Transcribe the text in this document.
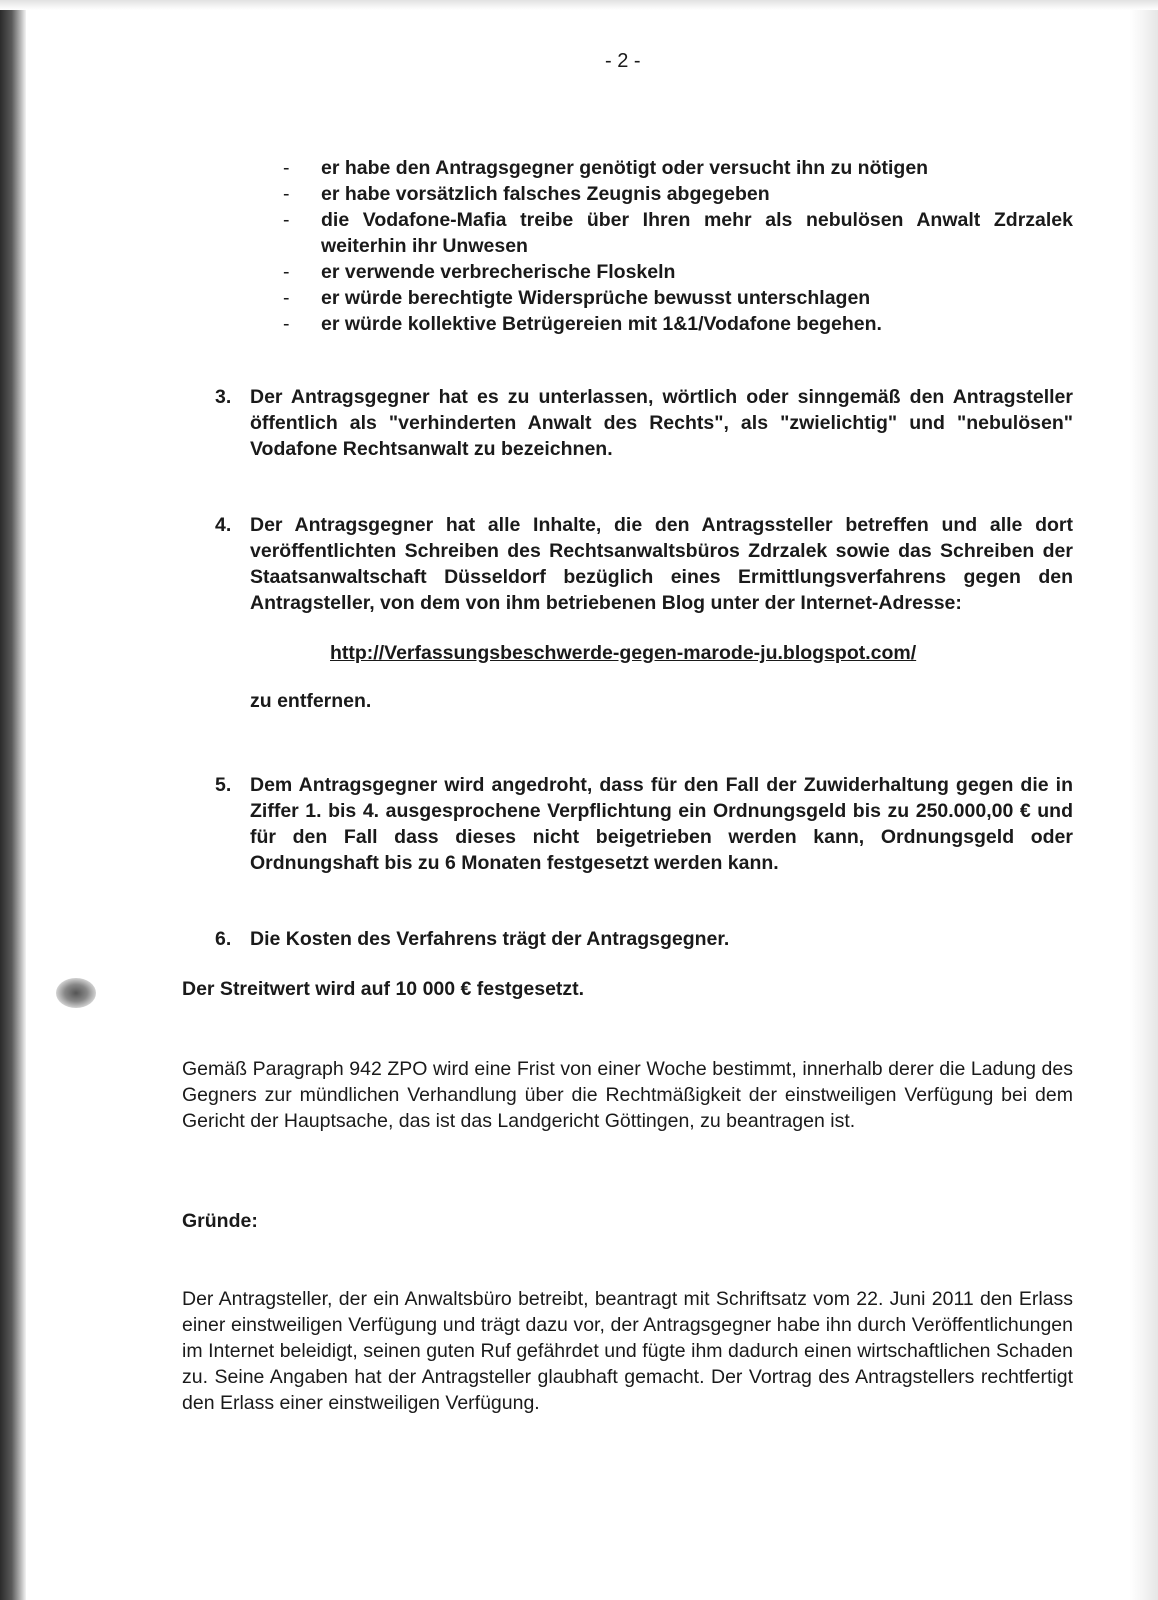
- 2 -
- er habe den Antragsgegner genötigt oder versucht ihn zu nötigen
- er habe vorsätzlich falsches Zeugnis abgegeben
- die Vodafone-Mafia treibe über Ihren mehr als nebulösen Anwalt Zdrzalek weiterhin ihr Unwesen
- er verwende verbrecherische Floskeln
- er würde berechtigte Widersprüche bewusst unterschlagen
- er würde kollektive Betrügereien mit 1&1/Vodafone begehen.
3. Der Antragsgegner hat es zu unterlassen, wörtlich oder sinngemäß den Antragsteller öffentlich als "verhinderten Anwalt des Rechts", als "zwielichtig" und "nebulösen" Vodafone Rechtsanwalt zu bezeichnen.
4. Der Antragsgegner hat alle Inhalte, die den Antragssteller betreffen und alle dort veröffentlichten Schreiben des Rechtsanwaltsbüros Zdrzalek sowie das Schreiben der Staatsanwaltschaft Düsseldorf bezüglich eines Ermittlungsverfahrens gegen den Antragsteller, von dem von ihm betriebenen Blog unter der Internet-Adresse:
http://Verfassungsbeschwerde-gegen-marode-ju.blogspot.com/
zu entfernen.
5. Dem Antragsgegner wird angedroht, dass für den Fall der Zuwiderhaltung gegen die in Ziffer 1. bis 4. ausgesprochene Verpflichtung ein Ordnungsgeld bis zu 250.000,00 € und für den Fall dass dieses nicht beigetrieben werden kann, Ordnungsgeld oder Ordnungshaft bis zu 6 Monaten festgesetzt werden kann.
6. Die Kosten des Verfahrens trägt der Antragsgegner.
Der Streitwert wird auf 10 000 € festgesetzt.
Gemäß Paragraph 942 ZPO wird eine Frist von einer Woche bestimmt, innerhalb derer die Ladung des Gegners zur mündlichen Verhandlung über die Rechtmäßigkeit der einstweiligen Verfügung bei dem Gericht der Hauptsache, das ist das Landgericht Göttingen, zu beantragen ist.
Gründe:
Der Antragsteller, der ein Anwaltsbüro betreibt, beantragt mit Schriftsatz vom 22. Juni 2011 den Erlass einer einstweiligen Verfügung und trägt dazu vor, der Antragsgegner habe ihn durch Veröffentlichungen im Internet beleidigt, seinen guten Ruf gefährdet und fügte ihm dadurch einen wirtschaftlichen Schaden zu. Seine Angaben hat der Antragsteller glaubhaft gemacht. Der Vortrag des Antragstellers rechtfertigt den Erlass einer einstweiligen Verfügung.
